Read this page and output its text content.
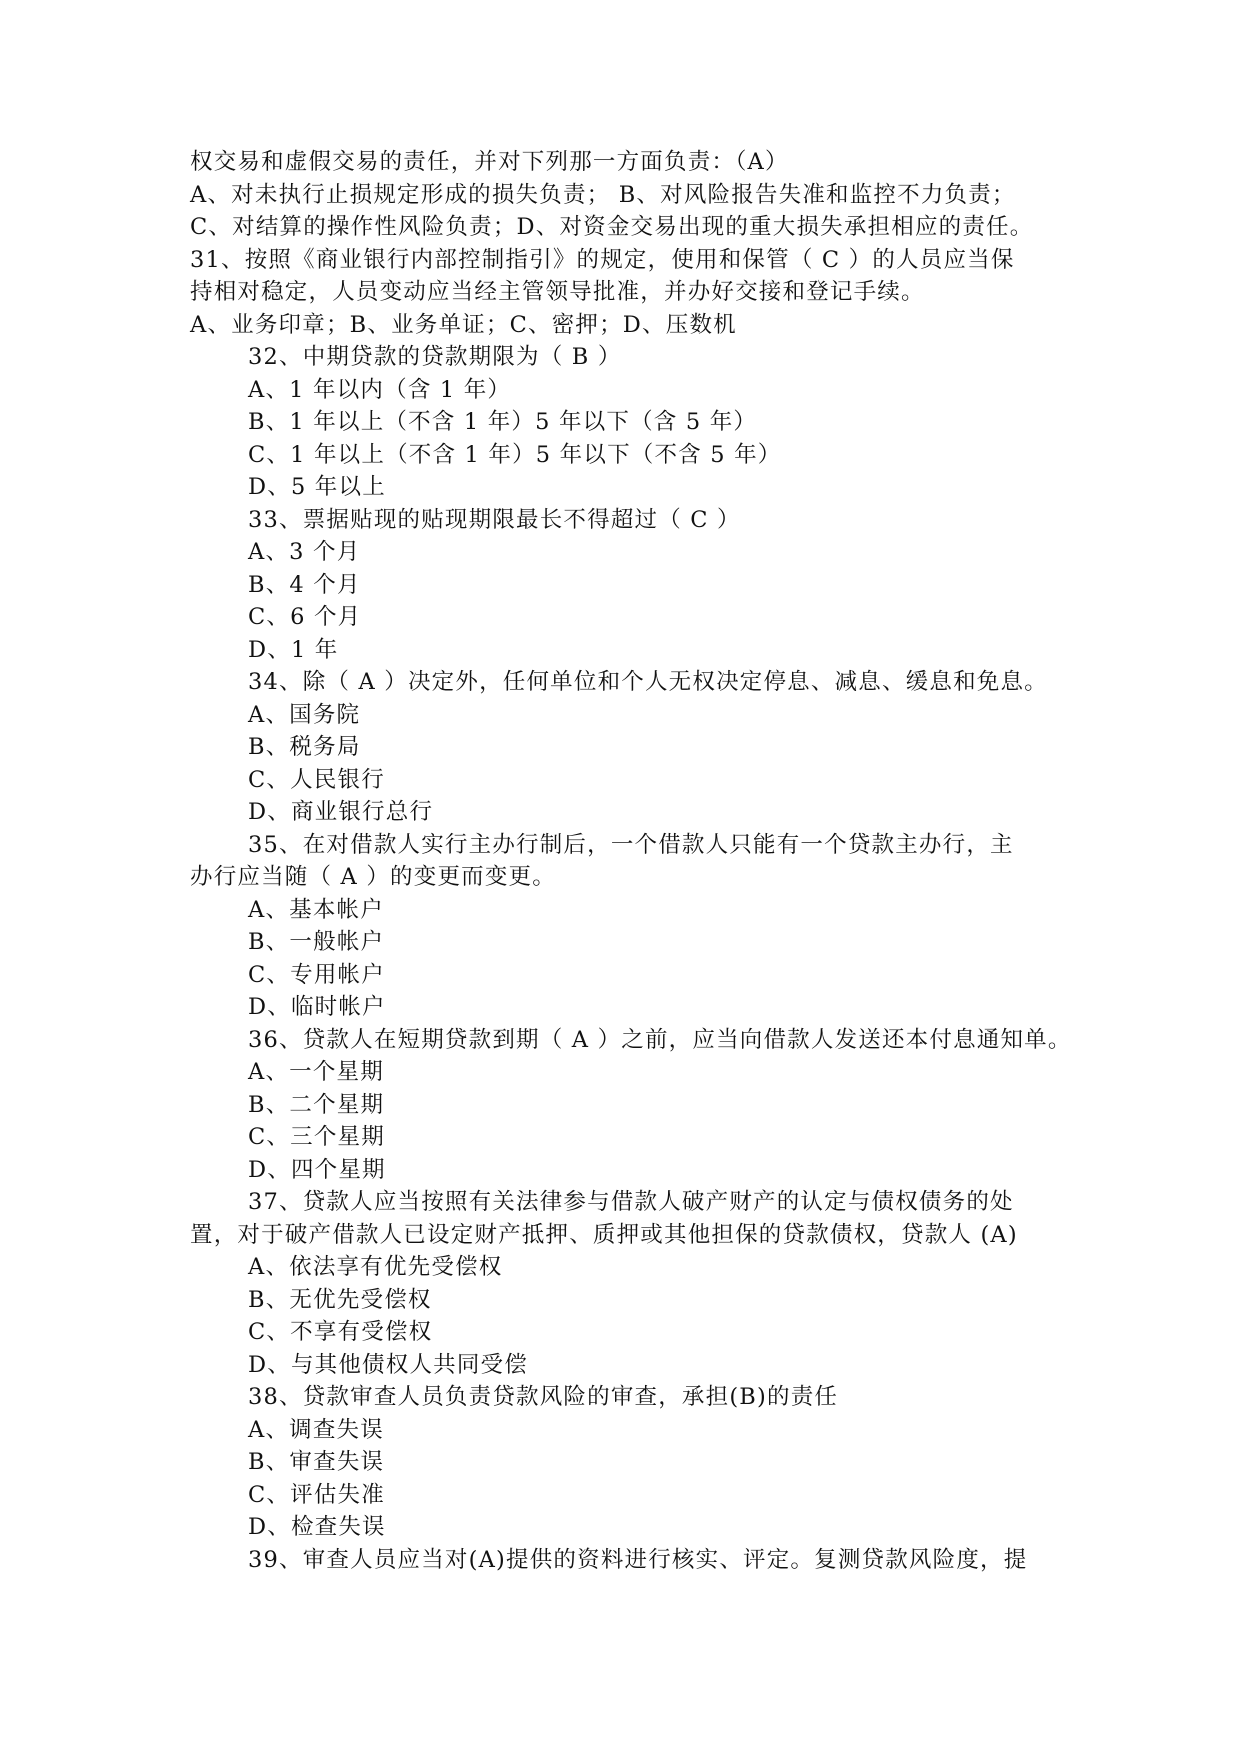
权交易和虚假交易的责任，并对下列那一方面负责：（A）
A、对未执行止损规定形成的损失负责； B、对风险报告失准和监控不力负责；
C、对结算的操作性风险负责；D、对资金交易出现的重大损失承担相应的责任。
31、按照《商业银行内部控制指引》的规定，使用和保管（ C ）的人员应当保
持相对稳定，人员变动应当经主管领导批准，并办好交接和登记手续。
A、业务印章；B、业务单证；C、密押；D、压数机
32、中期贷款的贷款期限为（ B ）
A、1 年以内（含 1 年）
B、1 年以上（不含 1 年）5 年以下（含 5 年）
C、1 年以上（不含 1 年）5 年以下（不含 5 年）
D、5 年以上
33、票据贴现的贴现期限最长不得超过（ C ）
A、3 个月
B、4 个月
C、6 个月
D、1 年
34、除（ A ）决定外，任何单位和个人无权决定停息、减息、缓息和免息。
A、国务院
B、税务局
C、人民银行
D、商业银行总行
35、在对借款人实行主办行制后，一个借款人只能有一个贷款主办行，主
办行应当随（ A ）的变更而变更。
A、基本帐户
B、一般帐户
C、专用帐户
D、临时帐户
36、贷款人在短期贷款到期（ A ）之前，应当向借款人发送还本付息通知单。
A、一个星期
B、二个星期
C、三个星期
D、四个星期
37、贷款人应当按照有关法律参与借款人破产财产的认定与债权债务的处
置，对于破产借款人已设定财产抵押、质押或其他担保的贷款债权，贷款人 (A)
A、依法享有优先受偿权
B、无优先受偿权
C、不享有受偿权
D、与其他债权人共同受偿
38、贷款审查人员负责贷款风险的审查，承担(B)的责任
A、调查失误
B、审查失误
C、评估失准
D、检查失误
39、审查人员应当对(A)提供的资料进行核实、评定。复测贷款风险度，提
